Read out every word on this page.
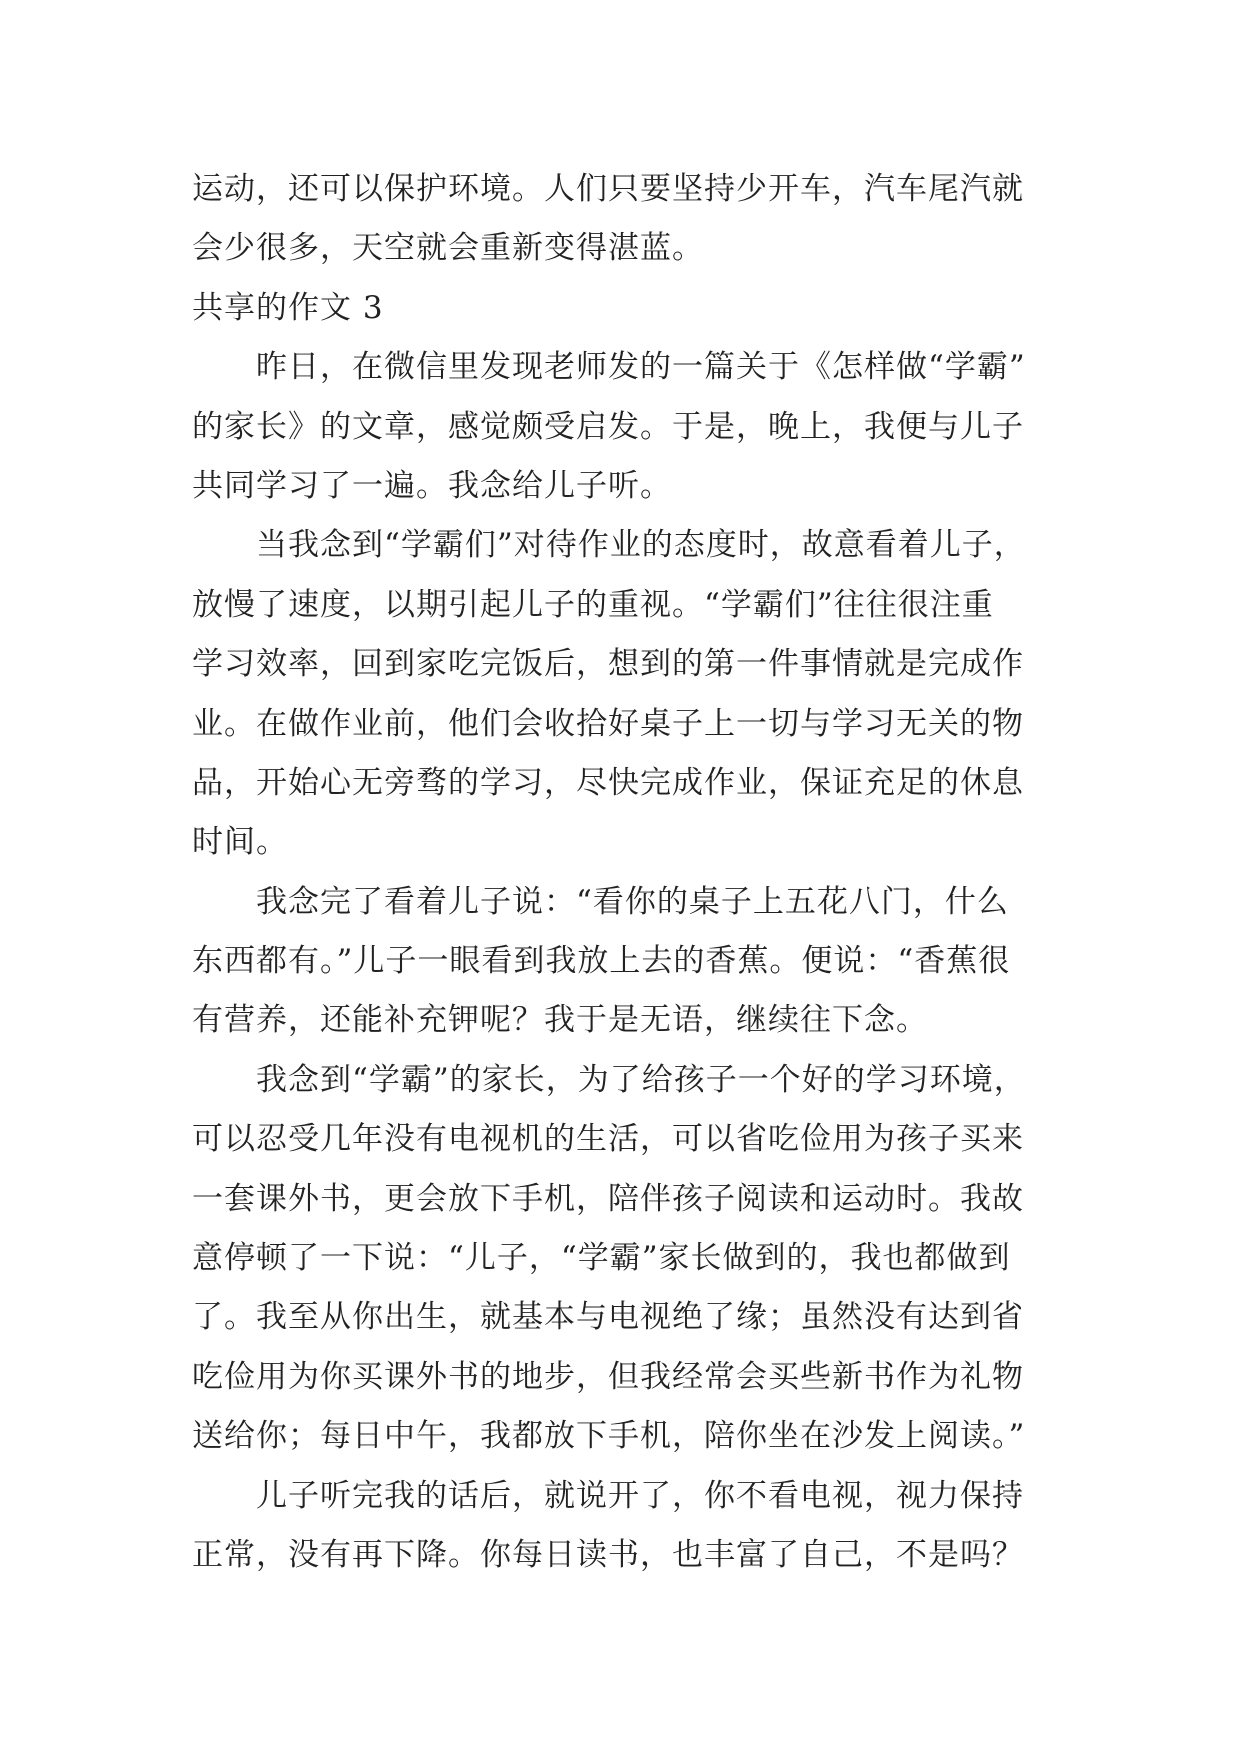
运动，还可以保护环境。人们只要坚持少开车，汽车尾汽就
会少很多，天空就会重新变得湛蓝。
共享的作文 3
昨日，在微信里发现老师发的一篇关于《怎样做“学霸”
的家长》的文章，感觉颇受启发。于是，晚上，我便与儿子
共同学习了一遍。我念给儿子听。
当我念到“学霸们”对待作业的态度时，故意看着儿子，
放慢了速度，以期引起儿子的重视。“学霸们”往往很注重
学习效率，回到家吃完饭后，想到的第一件事情就是完成作
业。在做作业前，他们会收拾好桌子上一切与学习无关的物
品，开始心无旁骛的学习，尽快完成作业，保证充足的休息
时间。
我念完了看着儿子说：“看你的桌子上五花八门，什么
东西都有。”儿子一眼看到我放上去的香蕉。便说：“香蕉很
有营养，还能补充钾呢？我于是无语，继续往下念。
我念到“学霸”的家长，为了给孩子一个好的学习环境，
可以忍受几年没有电视机的生活，可以省吃俭用为孩子买来
一套课外书，更会放下手机，陪伴孩子阅读和运动时。我故
意停顿了一下说：“儿子，“学霸”家长做到的，我也都做到
了。我至从你出生，就基本与电视绝了缘；虽然没有达到省
吃俭用为你买课外书的地步，但我经常会买些新书作为礼物
送给你；每日中午，我都放下手机，陪你坐在沙发上阅读。”
儿子听完我的话后，就说开了，你不看电视，视力保持
正常，没有再下降。你每日读书，也丰富了自己，不是吗？
